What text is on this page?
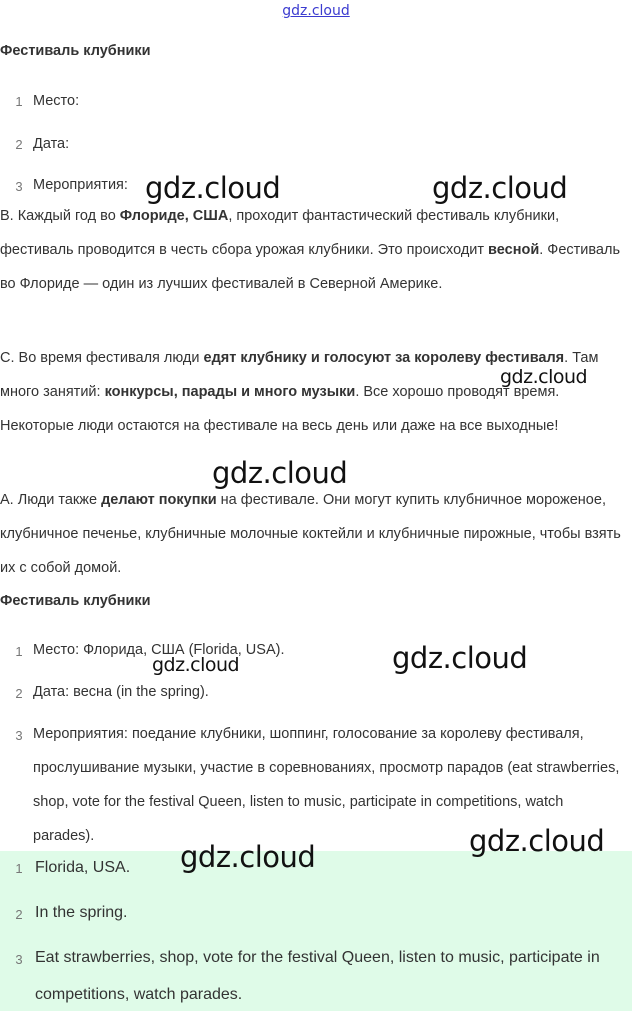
gdz.cloud
Фестиваль клубники
1 Место:
2 Дата:
3 Мероприятия:
B. Каждый год во Флориде, США, проходит фантастический фестиваль клубники, фестиваль проводится в честь сбора урожая клубники. Это происходит весной. Фестиваль во Флориде — один из лучших фестивалей в Северной Америке.
C. Во время фестиваля люди едят клубнику и голосуют за королеву фестиваля. Там много занятий: конкурсы, парады и много музыки. Все хорошо проводят время. Некоторые люди остаются на фестивале на весь день или даже на все выходные!
A. Люди также делают покупки на фестивале. Они могут купить клубничное мороженое, клубничное печенье, клубничные молочные коктейли и клубничные пирожные, чтобы взять их с собой домой.
Фестиваль клубники
1 Место: Флорида, США (Florida, USA).
2 Дата: весна (in the spring).
3 Мероприятия: поедание клубники, шоппинг, голосование за королеву фестиваля, прослушивание музыки, участие в соревнованиях, просмотр парадов (eat strawberries, shop, vote for the festival Queen, listen to music, participate in competitions, watch parades).
1 Florida, USA.
2 In the spring.
3 Eat strawberries, shop, vote for the festival Queen, listen to music, participate in competitions, watch parades.
gdz.cloud	gdz.cloud
gdz.cloud
gdz.cloud
gdz.cloud	gdz.cloud
gdz.cloud
gdz.cloud
